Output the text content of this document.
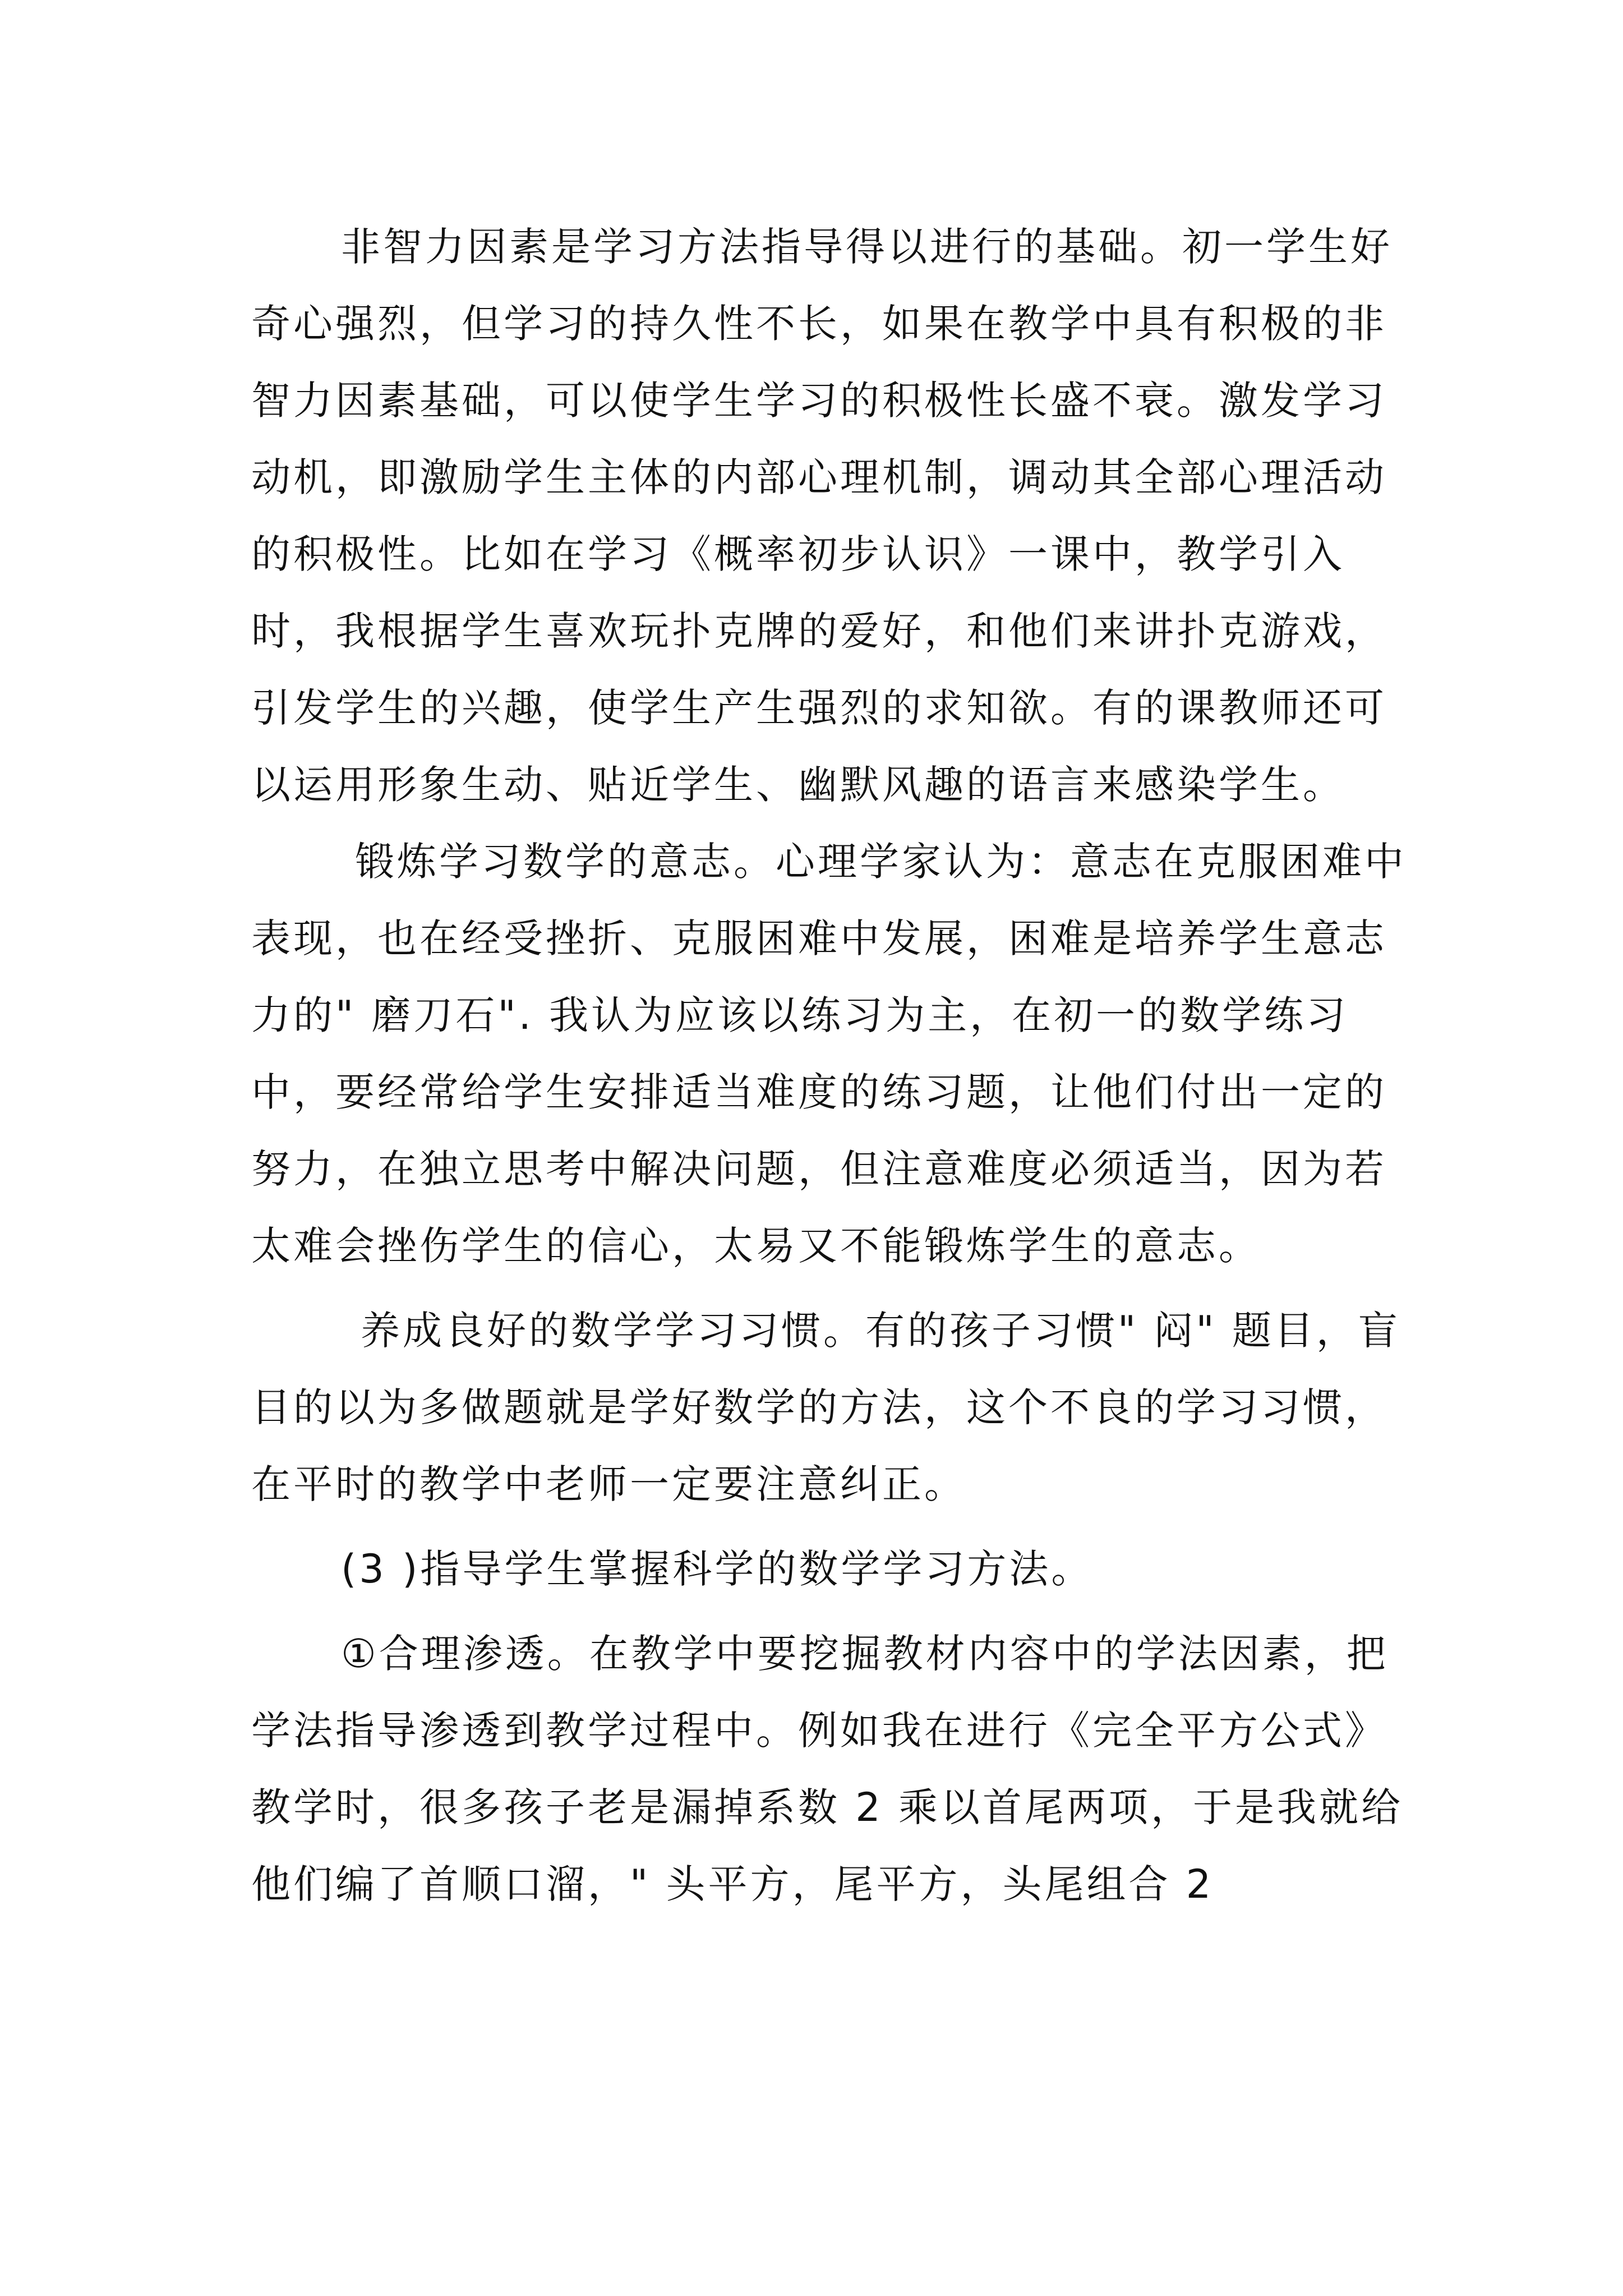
非智力因素是学习方法指导得以进行的基础。初一学生好奇心强烈，但学习的持久性不长，如果在教学中具有积极的非智力因素基础，可以使学生学习的积极性长盛不衰。激发学习动机，即激励学生主体的内部心理机制，调动其全部心理活动的积极性。比如在学习《概率初步认识》一课中，教学引入时，我根据学生喜欢玩扑克牌的爱好，和他们来讲扑克游戏，引发学生的兴趣，使学生产生强烈的求知欲。有的课教师还可以运用形象生动、贴近学生、幽默风趣的语言来感染学生。

锻炼学习数学的意志。心理学家认为：意志在克服困难中表现，也在经受挫折、克服困难中发展，困难是培养学生意志力的" 磨刀石". 我认为应该以练习为主，在初一的数学练习中，要经常给学生安排适当难度的练习题，让他们付出一定的努力，在独立思考中解决问题，但注意难度必须适当，因为若太难会挫伤学生的信心，太易又不能锻炼学生的意志。

养成良好的数学学习习惯。有的孩子习惯" 闷" 题目，盲目的以为多做题就是学好数学的方法，这个不良的学习习惯，在平时的教学中老师一定要注意纠正。

(3 )指导学生掌握科学的数学学习方法。

①合理渗透。在教学中要挖掘教材内容中的学法因素，把学法指导渗透到教学过程中。例如我在进行《完全平方公式》教学时，很多孩子老是漏掉系数 2 乘以首尾两项，于是我就给他们编了首顺口溜，" 头平方，尾平方，头尾组合 2
